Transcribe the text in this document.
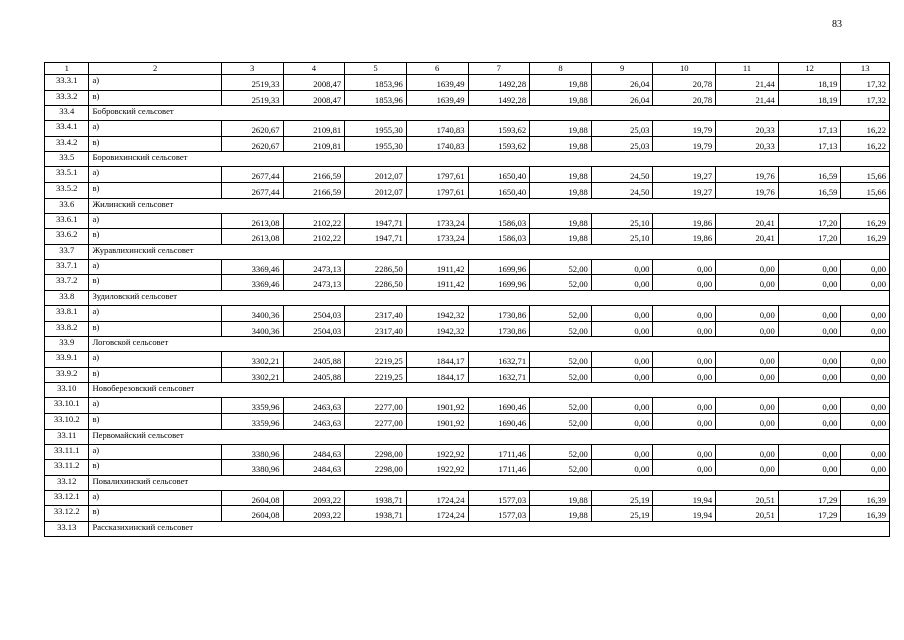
83
1	2	3	4	5	6	7	8	9	10	11	12	13
33.3.1	а)	2519,33	2008,47	1853,96	1639,49	1492,28	19,88	26,04	20,78	21,44	18,19	17,32
33.3.2	в)	2519,33	2008,47	1853,96	1639,49	1492,28	19,88	26,04	20,78	21,44	18,19	17,32
33.4	Бобровский сельсовет											
33.4.1	а)	2620,67	2109,81	1955,30	1740,83	1593,62	19,88	25,03	19,79	20,33	17,13	16,22
33.4.2	в)	2620,67	2109,81	1955,30	1740,83	1593,62	19,88	25,03	19,79	20,33	17,13	16,22
33.5	Боровихинский сельсовет											
33.5.1	а)	2677,44	2166,59	2012,07	1797,61	1650,40	19,88	24,50	19,27	19,76	16,59	15,66
33.5.2	в)	2677,44	2166,59	2012,07	1797,61	1650,40	19,88	24,50	19,27	19,76	16,59	15,66
33.6	Жилинский сельсовет											
33.6.1	а)	2613,08	2102,22	1947,71	1733,24	1586,03	19,88	25,10	19,86	20,41	17,20	16,29
33.6.2	в)	2613,08	2102,22	1947,71	1733,24	1586,03	19,88	25,10	19,86	20,41	17,20	16,29
33.7	Журавлихинский сельсовет											
33.7.1	а)	3369,46	2473,13	2286,50	1911,42	1699,96	52,00	0,00	0,00	0,00	0,00	0,00
33.7.2	в)	3369,46	2473,13	2286,50	1911,42	1699,96	52,00	0,00	0,00	0,00	0,00	0,00
33.8	Зудиловский сельсовет											
33.8.1	а)	3400,36	2504,03	2317,40	1942,32	1730,86	52,00	0,00	0,00	0,00	0,00	0,00
33.8.2	в)	3400,36	2504,03	2317,40	1942,32	1730,86	52,00	0,00	0,00	0,00	0,00	0,00
33.9	Логовской сельсовет											
33.9.1	а)	3302,21	2405,88	2219,25	1844,17	1632,71	52,00	0,00	0,00	0,00	0,00	0,00
33.9.2	в)	3302,21	2405,88	2219,25	1844,17	1632,71	52,00	0,00	0,00	0,00	0,00	0,00
33.10	Новоберезовский сельсовет											
33.10.1	а)	3359,96	2463,63	2277,00	1901,92	1690,46	52,00	0,00	0,00	0,00	0,00	0,00
33.10.2	в)	3359,96	2463,63	2277,00	1901,92	1690,46	52,00	0,00	0,00	0,00	0,00	0,00
33.11	Первомайский сельсовет											
33.11.1	а)	3380,96	2484,63	2298,00	1922,92	1711,46	52,00	0,00	0,00	0,00	0,00	0,00
33.11.2	в)	3380,96	2484,63	2298,00	1922,92	1711,46	52,00	0,00	0,00	0,00	0,00	0,00
33.12	Повалихинский сельсовет											
33.12.1	а)	2604,08	2093,22	1938,71	1724,24	1577,03	19,88	25,19	19,94	20,51	17,29	16,39
33.12.2	в)	2604,08	2093,22	1938,71	1724,24	1577,03	19,88	25,19	19,94	20,51	17,29	16,39
33.13	Рассказихинский сельсовет											
